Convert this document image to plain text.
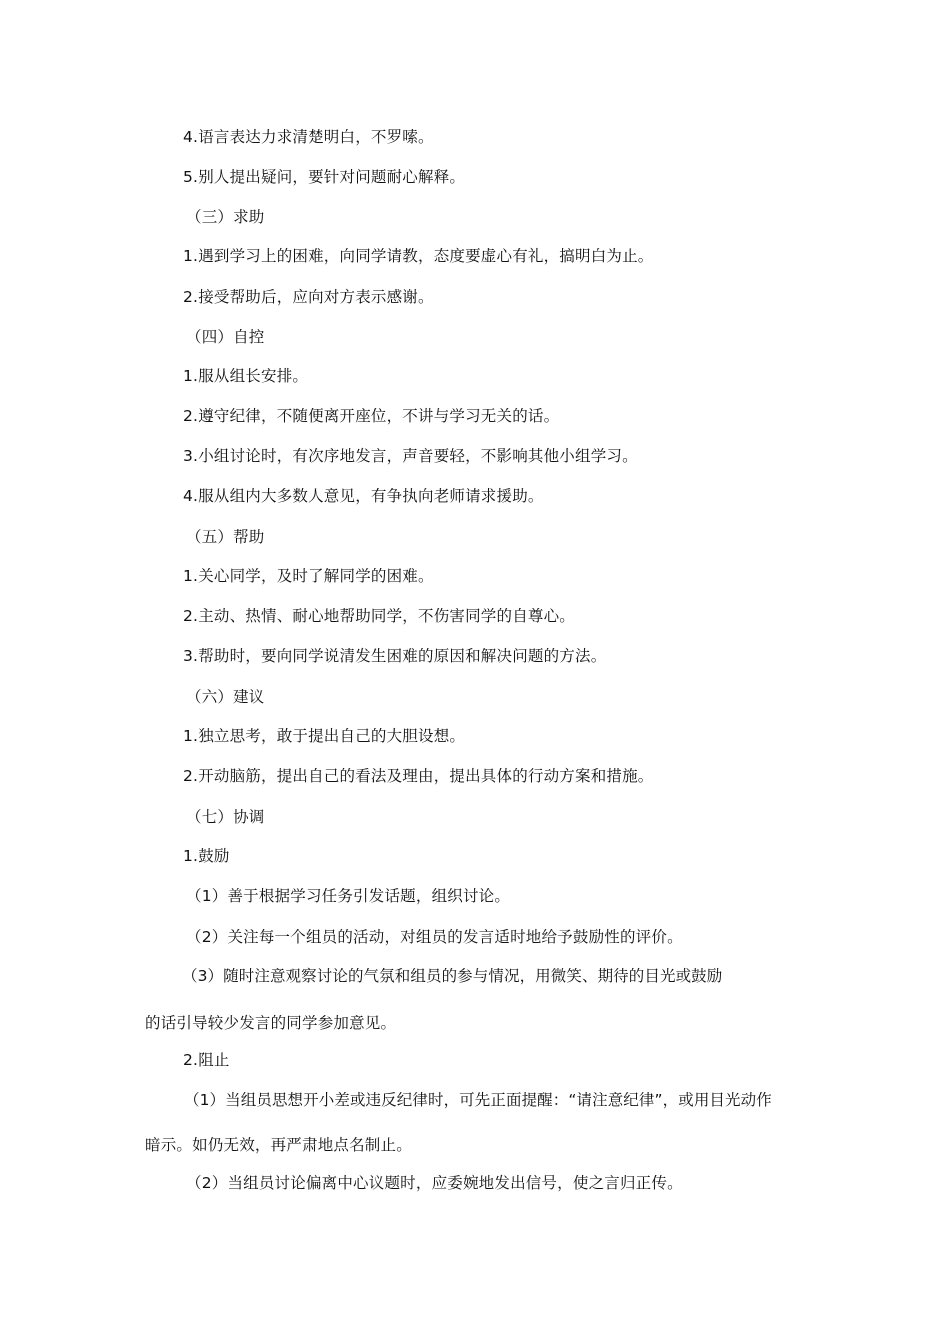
4.语言表达力求清楚明白，不罗嗦。
5.别人提出疑问，要针对问题耐心解释。
（三）求助
1.遇到学习上的困难，向同学请教，态度要虚心有礼，搞明白为止。
2.接受帮助后，应向对方表示感谢。
（四）自控
1.服从组长安排。
2.遵守纪律，不随便离开座位，不讲与学习无关的话。
3.小组讨论时，有次序地发言，声音要轻，不影响其他小组学习。
4.服从组内大多数人意见，有争执向老师请求援助。
（五）帮助
1.关心同学，及时了解同学的困难。
2.主动、热情、耐心地帮助同学，不伤害同学的自尊心。
3.帮助时，要向同学说清发生困难的原因和解决问题的方法。
（六）建议
1.独立思考，敢于提出自己的大胆设想。
2.开动脑筋，提出自己的看法及理由，提出具体的行动方案和措施。
（七）协调
1.鼓励
（1）善于根据学习任务引发话题，组织讨论。
（2）关注每一个组员的活动，对组员的发言适时地给予鼓励性的评价。
（3）随时注意观察讨论的气氛和组员的参与情况，用微笑、期待的目光或鼓励
的话引导较少发言的同学参加意见。
2.阻止
（1）当组员思想开小差或违反纪律时，可先正面提醒：“请注意纪律”，或用目光动作
暗示。如仍无效，再严肃地点名制止。
（2）当组员讨论偏离中心议题时，应委婉地发出信号，使之言归正传。
